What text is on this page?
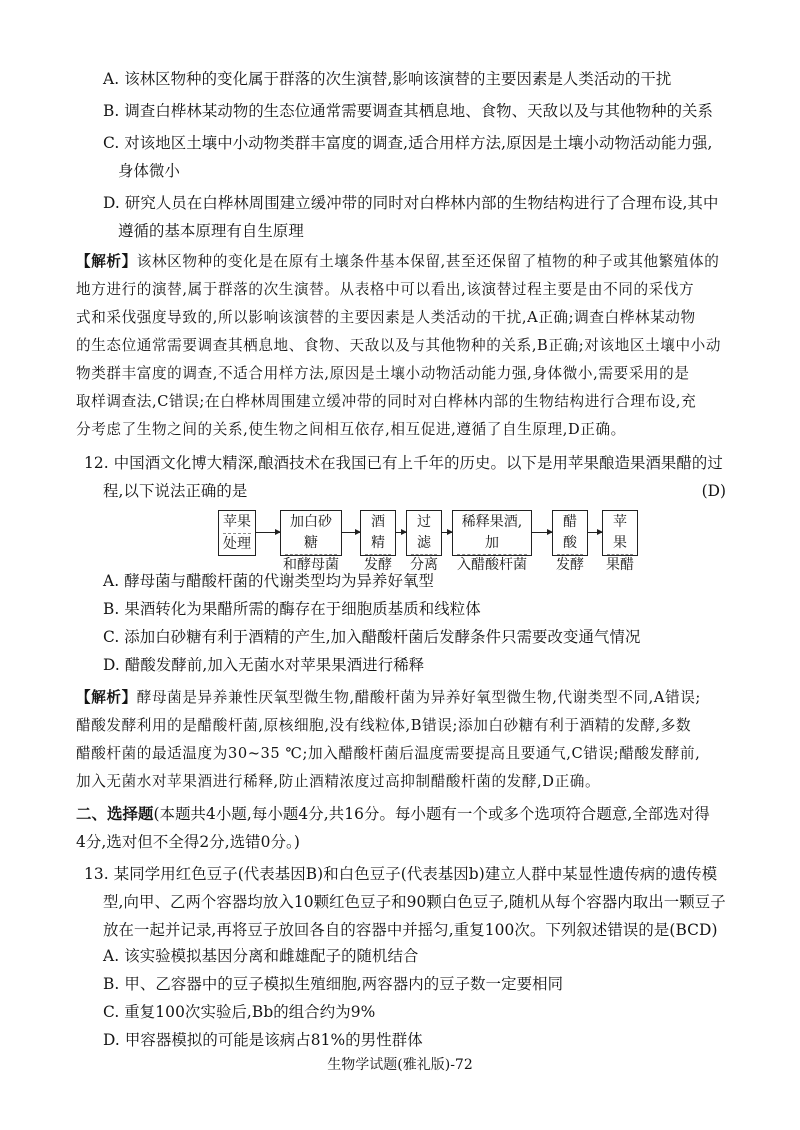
A. 该林区物种的变化属于群落的次生演替,影响该演替的主要因素是人类活动的干扰
B. 调查白桦林某动物的生态位通常需要调查其栖息地、食物、天敌以及与其他物种的关系
C. 对该地区土壤中小动物类群丰富度的调查,适合用样方法,原因是土壤小动物活动能力强,
身体微小
D. 研究人员在白桦林周围建立缓冲带的同时对白桦林内部的生物结构进行了合理布设,其中
遵循的基本原理有自生原理
【解析】该林区物种的变化是在原有土壤条件基本保留,甚至还保留了植物的种子或其他繁殖体的
地方进行的演替,属于群落的次生演替。从表格中可以看出,该演替过程主要是由不同的采伐方
式和采伐强度导致的,所以影响该演替的主要因素是人类活动的干扰,A正确;调查白桦林某动物
的生态位通常需要调查其栖息地、食物、天敌以及与其他物种的关系,B正确;对该地区土壤中小动
物类群丰富度的调查,不适合用样方法,原因是土壤小动物活动能力强,身体微小,需要采用的是
取样调查法,C错误;在白桦林周围建立缓冲带的同时对白桦林内部的生物结构进行合理布设,充
分考虑了生物之间的关系,使生物之间相互依存,相互促进,遵循了自生原理,D正确。
12. 中国酒文化博大精深,酿酒技术在我国已有上千年的历史。以下是用苹果酿造果酒果醋的过
程,以下说法正确的是	(D)
苹果
处理
加白砂糖
和酵母菌
酒精
发酵
过滤
分离
稀释果酒,加
入醋酸杆菌
醋酸
发酵
苹果
果醋
A. 酵母菌与醋酸杆菌的代谢类型均为异养好氧型
B. 果酒转化为果醋所需的酶存在于细胞质基质和线粒体
C. 添加白砂糖有利于酒精的产生,加入醋酸杆菌后发酵条件只需要改变通气情况
D. 醋酸发酵前,加入无菌水对苹果果酒进行稀释
【解析】酵母菌是异养兼性厌氧型微生物,醋酸杆菌为异养好氧型微生物,代谢类型不同,A错误;
醋酸发酵利用的是醋酸杆菌,原核细胞,没有线粒体,B错误;添加白砂糖有利于酒精的发酵,多数
醋酸杆菌的最适温度为30~35 ℃;加入醋酸杆菌后温度需要提高且要通气,C错误;醋酸发酵前,
加入无菌水对苹果酒进行稀释,防止酒精浓度过高抑制醋酸杆菌的发酵,D正确。
二、选择题(本题共4小题,每小题4分,共16分。每小题有一个或多个选项符合题意,全部选对得
4分,选对但不全得2分,选错0分。)
13. 某同学用红色豆子(代表基因B)和白色豆子(代表基因b)建立人群中某显性遗传病的遗传模
型,向甲、乙两个容器均放入10颗红色豆子和90颗白色豆子,随机从每个容器内取出一颗豆子
放在一起并记录,再将豆子放回各自的容器中并摇匀,重复100次。下列叙述错误的是(BCD)
A. 该实验模拟基因分离和雌雄配子的随机结合
B. 甲、乙容器中的豆子模拟生殖细胞,两容器内的豆子数一定要相同
C. 重复100次实验后,Bb的组合约为9%
D. 甲容器模拟的可能是该病占81%的男性群体
生物学试题(雅礼版)-72
